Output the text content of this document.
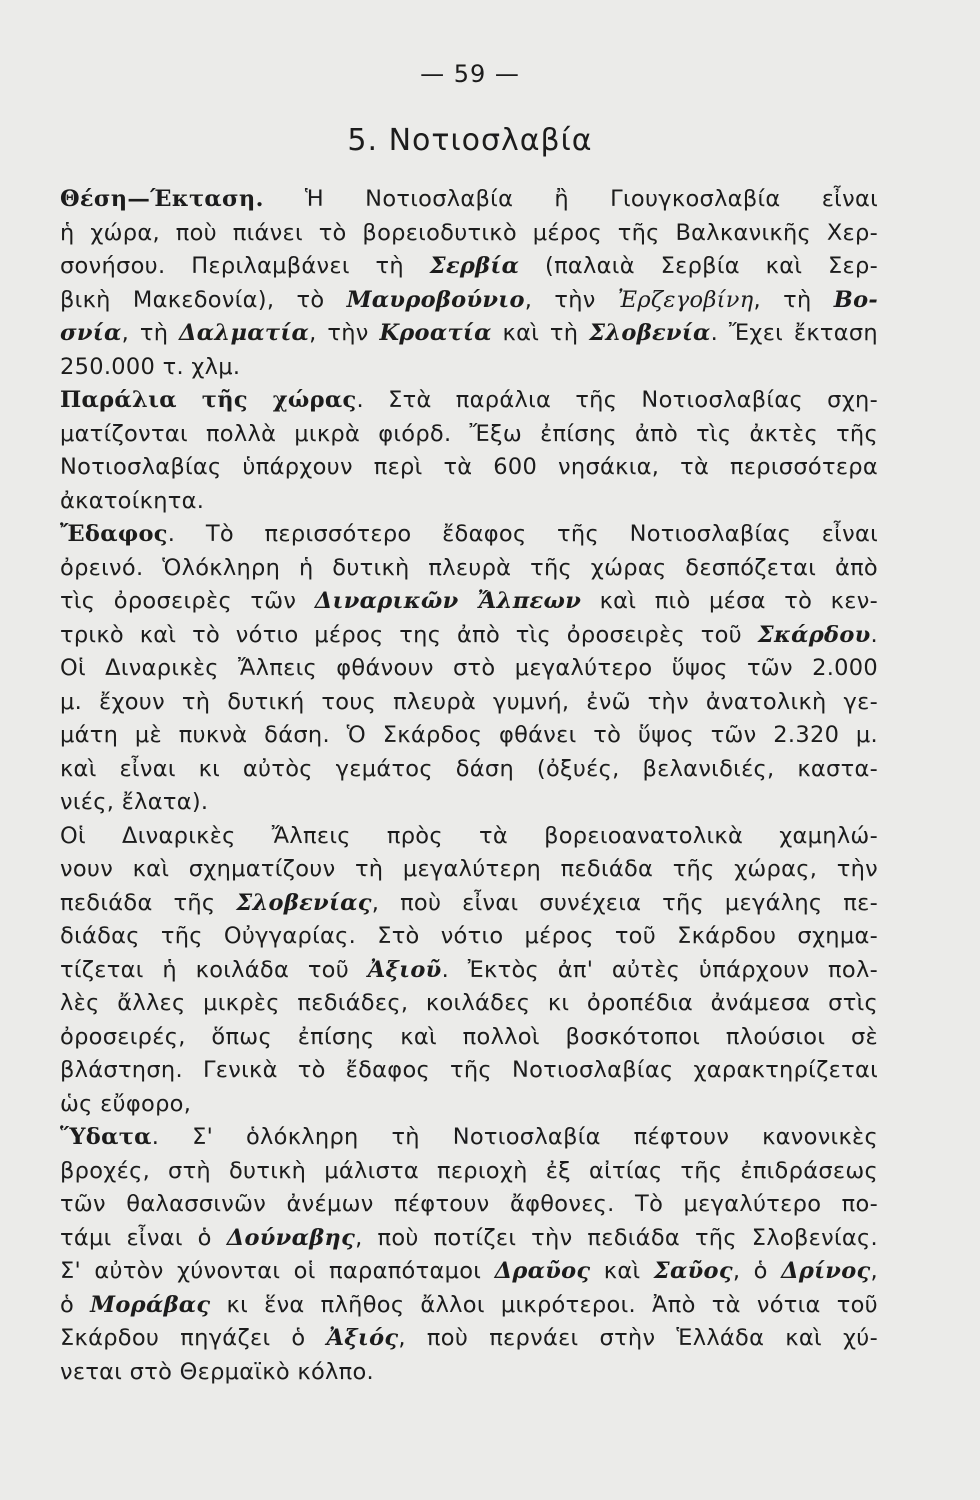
— 59 —
5. Νοτιοσλαβία
Θέση—Έκταση. Ἡ Νοτιοσλαβία ἢ Γιουγκοσλαβία εἶναι
ἡ χώρα, ποὺ πιάνει τὸ βορειοδυτικὸ μέρος τῆς Βαλκανικῆς Χερ-
σονήσου. Περιλαμβάνει τὴ Σερβία (παλαιὰ Σερβία καὶ Σερ-
βικὴ Μακεδονία), τὸ Μαυροβούνιο, τὴν Ἐρζεγοβίνη, τὴ Βο-
σνία, τὴ Δαλματία, τὴν Κροατία καὶ τὴ Σλοβενία. Ἔχει ἔκταση
250.000 τ. χλμ.
Παράλια τῆς χώρας. Στὰ παράλια τῆς Νοτιοσλαβίας σχη-
ματίζονται πολλὰ μικρὰ φιόρδ. Ἔξω ἐπίσης ἀπὸ τὶς ἀκτὲς τῆς
Νοτιοσλαβίας ὑπάρχουν περὶ τὰ 600 νησάκια, τὰ περισσότερα
ἀκατοίκητα.
Ἔδαφος. Τὸ περισσότερο ἔδαφος τῆς Νοτιοσλαβίας εἶναι
ὀρεινό. Ὁλόκληρη ἡ δυτικὴ πλευρὰ τῆς χώρας δεσπόζεται ἀπὸ
τὶς ὀροσειρὲς τῶν Διναρικῶν Ἄλπεων καὶ πιὸ μέσα τὸ κεν-
τρικὸ καὶ τὸ νότιο μέρος της ἀπὸ τὶς ὀροσειρὲς τοῦ Σκάρδου.
Οἱ Διναρικὲς Ἄλπεις φθάνουν στὸ μεγαλύτερο ὕψος τῶν 2.000
μ. ἔχουν τὴ δυτική τους πλευρὰ γυμνή, ἐνῶ τὴν ἀνατολικὴ γε-
μάτη μὲ πυκνὰ δάση. Ὁ Σκάρδος φθάνει τὸ ὕψος τῶν 2.320 μ.
καὶ εἶναι κι αὐτὸς γεμάτος δάση (ὀξυές, βελανιδιές, καστα-
νιές, ἔλατα).
Οἱ Διναρικὲς Ἄλπεις πρὸς τὰ βορειοανατολικὰ χαμηλώ-
νουν καὶ σχηματίζουν τὴ μεγαλύτερη πεδιάδα τῆς χώρας, τὴν
πεδιάδα τῆς Σλοβενίας, ποὺ εἶναι συνέχεια τῆς μεγάλης πε-
διάδας τῆς Οὐγγαρίας. Στὸ νότιο μέρος τοῦ Σκάρδου σχημα-
τίζεται ἡ κοιλάδα τοῦ Ἀξιοῦ. Ἐκτὸς ἀπ' αὐτὲς ὑπάρχουν πολ-
λὲς ἄλλες μικρὲς πεδιάδες, κοιλάδες κι ὀροπέδια ἀνάμεσα στὶς
ὀροσειρές, ὅπως ἐπίσης καὶ πολλοὶ βοσκότοποι πλούσιοι σὲ
βλάστηση. Γενικὰ τὸ ἔδαφος τῆς Νοτιοσλαβίας χαρακτηρίζεται
ὡς εὔφορο,
Ὕδατα. Σ' ὁλόκληρη τὴ Νοτιοσλαβία πέφτουν κανονικὲς
βροχές, στὴ δυτικὴ μάλιστα περιοχὴ ἐξ αἰτίας τῆς ἐπιδράσεως
τῶν θαλασσινῶν ἀνέμων πέφτουν ἄφθονες. Τὸ μεγαλύτερο πο-
τάμι εἶναι ὁ Δούναβης, ποὺ ποτίζει τὴν πεδιάδα τῆς Σλοβενίας.
Σ' αὐτὸν χύνονται οἱ παραπόταμοι Δραῦος καὶ Σαῦος, ὁ Δρίνος,
ὁ Μοράβας κι ἕνα πλῆθος ἄλλοι μικρότεροι. Ἀπὸ τὰ νότια τοῦ
Σκάρδου πηγάζει ὁ Ἀξιός, ποὺ περνάει στὴν Ἑλλάδα καὶ χύ-
νεται στὸ Θερμαϊκὸ κόλπο.
